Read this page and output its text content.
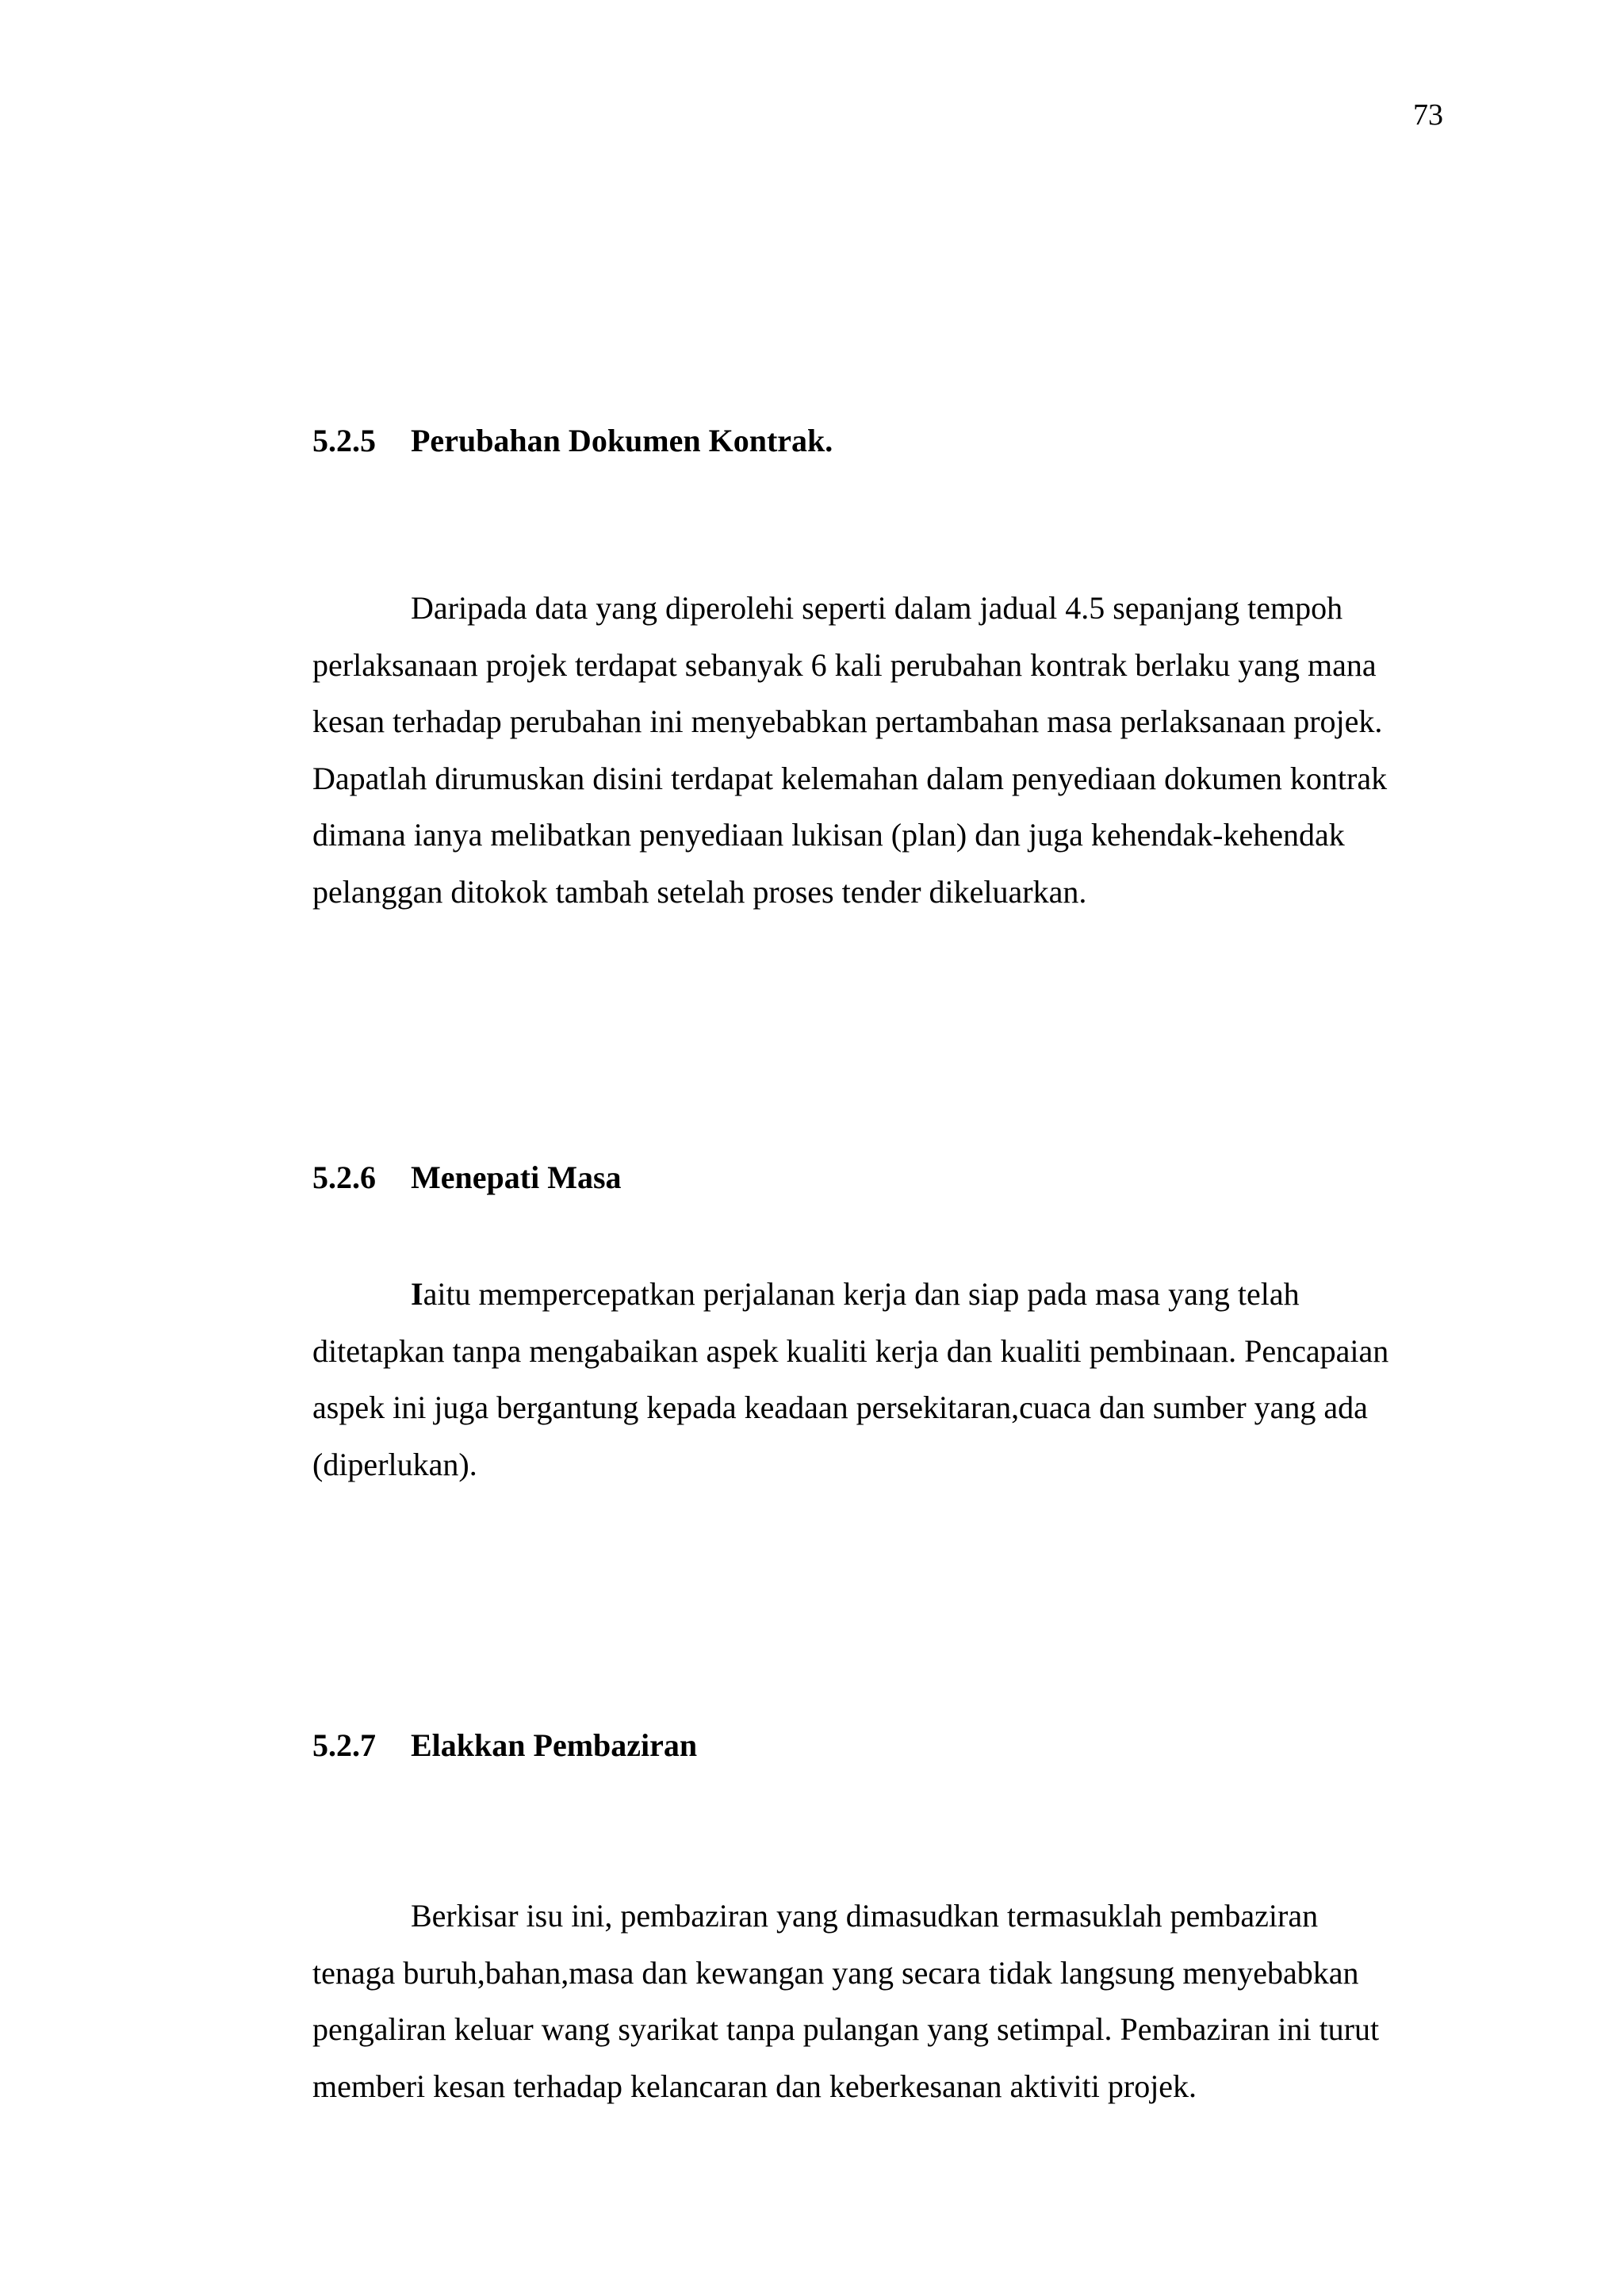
73
5.2.5 Perubahan Dokumen Kontrak.
Daripada data yang diperolehi seperti dalam jadual 4.5 sepanjang tempoh
perlaksanaan projek terdapat sebanyak 6 kali perubahan kontrak berlaku yang mana
kesan terhadap perubahan ini menyebabkan pertambahan masa perlaksanaan projek.
Dapatlah dirumuskan disini terdapat kelemahan dalam penyediaan dokumen kontrak
dimana ianya melibatkan penyediaan lukisan (plan) dan juga kehendak-kehendak
pelanggan ditokok tambah setelah proses tender dikeluarkan.
5.2.6 Menepati Masa
Iaitu mempercepatkan perjalanan kerja dan siap pada masa yang telah
ditetapkan tanpa mengabaikan aspek kualiti kerja dan kualiti pembinaan. Pencapaian
aspek ini juga bergantung kepada keadaan persekitaran,cuaca dan sumber yang ada
(diperlukan).
5.2.7 Elakkan Pembaziran
Berkisar isu ini, pembaziran yang dimasudkan termasuklah pembaziran
tenaga buruh,bahan,masa dan kewangan yang secara tidak langsung menyebabkan
pengaliran keluar wang syarikat tanpa pulangan yang setimpal. Pembaziran ini turut
memberi kesan terhadap kelancaran dan keberkesanan aktiviti projek.
